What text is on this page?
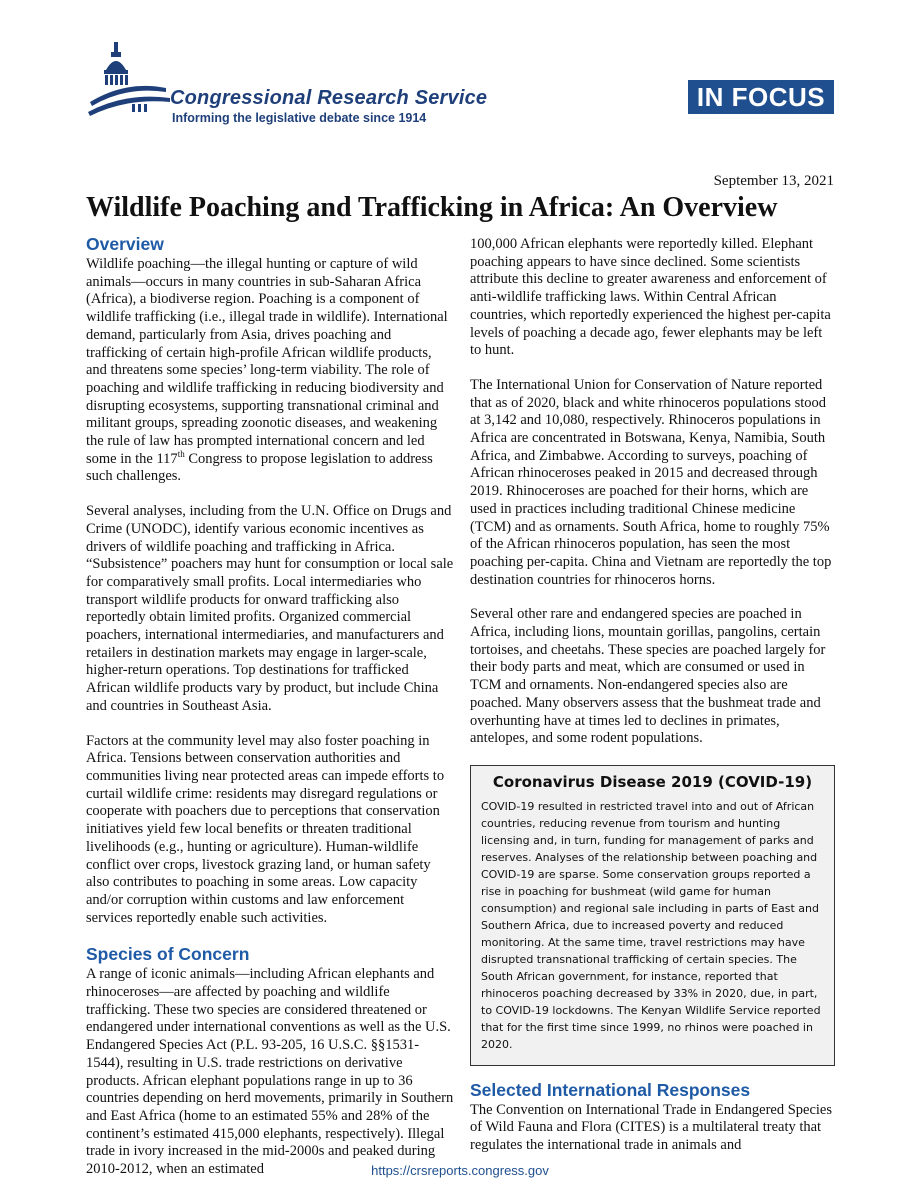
Congressional Research Service
Informing the legislative debate since 1914
IN FOCUS
September 13, 2021
Wildlife Poaching and Trafficking in Africa: An Overview
Overview

Wildlife poaching—the illegal hunting or capture of wild animals—occurs in many countries in sub-Saharan Africa (Africa), a biodiverse region. Poaching is a component of wildlife trafficking (i.e., illegal trade in wildlife). International demand, particularly from Asia, drives poaching and trafficking of certain high-profile African wildlife products, and threatens some species’ long-term viability. The role of poaching and wildlife trafficking in reducing biodiversity and disrupting ecosystems, supporting transnational criminal and militant groups, spreading zoonotic diseases, and weakening the rule of law has prompted international concern and led some in the 117th Congress to propose legislation to address such challenges.

Several analyses, including from the U.N. Office on Drugs and Crime (UNODC), identify various economic incentives as drivers of wildlife poaching and trafficking in Africa. “Subsistence” poachers may hunt for consumption or local sale for comparatively small profits. Local intermediaries who transport wildlife products for onward trafficking also reportedly obtain limited profits. Organized commercial poachers, international intermediaries, and manufacturers and retailers in destination markets may engage in larger-scale, higher-return operations. Top destinations for trafficked African wildlife products vary by product, but include China and countries in Southeast Asia.

Factors at the community level may also foster poaching in Africa. Tensions between conservation authorities and communities living near protected areas can impede efforts to curtail wildlife crime: residents may disregard regulations or cooperate with poachers due to perceptions that conservation initiatives yield few local benefits or threaten traditional livelihoods (e.g., hunting or agriculture). Human-wildlife conflict over crops, livestock grazing land, or human safety also contributes to poaching in some areas. Low capacity and/or corruption within customs and law enforcement services reportedly enable such activities.

Species of Concern

A range of iconic animals—including African elephants and rhinoceroses—are affected by poaching and wildlife trafficking. These two species are considered threatened or endangered under international conventions as well as the U.S. Endangered Species Act (P.L. 93-205, 16 U.S.C. §§1531-1544), resulting in U.S. trade restrictions on derivative products. African elephant populations range in up to 36 countries depending on herd movements, primarily in Southern and East Africa (home to an estimated 55% and 28% of the continent’s estimated 415,000 elephants, respectively). Illegal trade in ivory increased in the mid-2000s and peaked during 2010-2012, when an estimated

100,000 African elephants were reportedly killed. Elephant poaching appears to have since declined. Some scientists attribute this decline to greater awareness and enforcement of anti-wildlife trafficking laws. Within Central African countries, which reportedly experienced the highest per-capita levels of poaching a decade ago, fewer elephants may be left to hunt.

The International Union for Conservation of Nature reported that as of 2020, black and white rhinoceros populations stood at 3,142 and 10,080, respectively. Rhinoceros populations in Africa are concentrated in Botswana, Kenya, Namibia, South Africa, and Zimbabwe. According to surveys, poaching of African rhinoceroses peaked in 2015 and decreased through 2019. Rhinoceroses are poached for their horns, which are used in practices including traditional Chinese medicine (TCM) and as ornaments. South Africa, home to roughly 75% of the African rhinoceros population, has seen the most poaching per-capita. China and Vietnam are reportedly the top destination countries for rhinoceros horns.

Several other rare and endangered species are poached in Africa, including lions, mountain gorillas, pangolins, certain tortoises, and cheetahs. These species are poached largely for their body parts and meat, which are consumed or used in TCM and ornaments. Non-endangered species also are poached. Many observers assess that the bushmeat trade and overhunting have at times led to declines in primates, antelopes, and some rodent populations.

Coronavirus Disease 2019 (COVID-19)

COVID-19 resulted in restricted travel into and out of African countries, reducing revenue from tourism and hunting licensing and, in turn, funding for management of parks and reserves. Analyses of the relationship between poaching and COVID-19 are sparse. Some conservation groups reported a rise in poaching for bushmeat (wild game for human consumption) and regional sale including in parts of East and Southern Africa, due to increased poverty and reduced monitoring. At the same time, travel restrictions may have disrupted transnational trafficking of certain species. The South African government, for instance, reported that rhinoceros poaching decreased by 33% in 2020, due, in part, to COVID-19 lockdowns. The Kenyan Wildlife Service reported that for the first time since 1999, no rhinos were poached in 2020.

Selected International Responses

The Convention on International Trade in Endangered Species of Wild Fauna and Flora (CITES) is a multilateral treaty that regulates the international trade in animals and

https://crsreports.congress.gov
